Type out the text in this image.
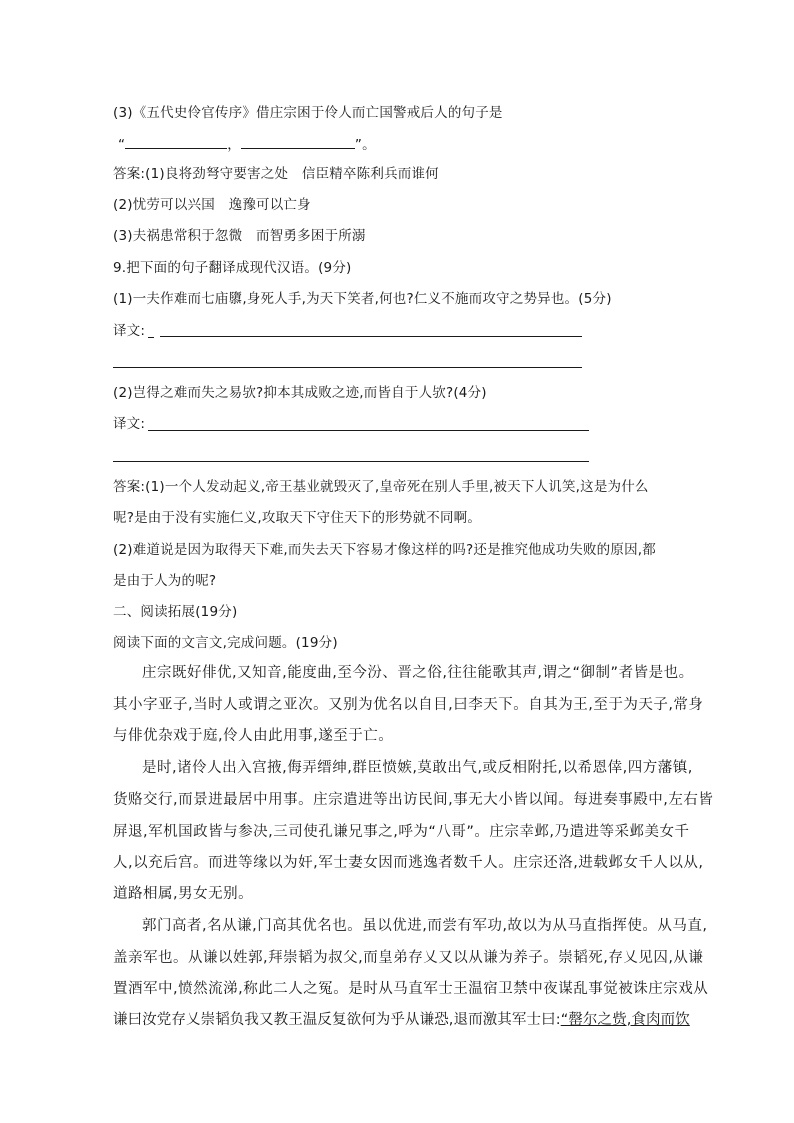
(3)《五代史伶官传序》借庄宗困于伶人而亡国警戒后人的句子是
“	，	”。
答案:(1)良将劲弩守要害之处　信臣精卒陈利兵而谁何
(2)忧劳可以兴国　逸豫可以亡身
(3)夫祸患常积于忽微　而智勇多困于所溺
9.把下面的句子翻译成现代汉语。(9分)
(1)一夫作难而七庙隳,身死人手,为天下笑者,何也?仁义不施而攻守之势异也。(5分)
译文:
(2)岂得之难而失之易欤?抑本其成败之迹,而皆自于人欤?(4分)
译文:
答案:(1)一个人发动起义,帝王基业就毁灭了,皇帝死在别人手里,被天下人讥笑,这是为什么
呢?是由于没有实施仁义,攻取天下守住天下的形势就不同啊。
(2)难道说是因为取得天下难,而失去天下容易才像这样的吗?还是推究他成功失败的原因,都
是由于人为的呢?
二、阅读拓展(19分)
阅读下面的文言文,完成问题。(19分)
庄宗既好俳优,又知音,能度曲,至今汾、晋之俗,往往能歌其声,谓之“御制”者皆是也。
其小字亚子,当时人或谓之亚次。又别为优名以自目,曰李天下。自其为王,至于为天子,常身
与俳优杂戏于庭,伶人由此用事,遂至于亡。
是时,诸伶人出入宫掖,侮弄缙绅,群臣愤嫉,莫敢出气,或反相附托,以希恩倖,四方藩镇,
货赂交行,而景进最居中用事。庄宗遣进等出访民间,事无大小皆以闻。每进奏事殿中,左右皆
屏退,军机国政皆与参决,三司使孔谦兄事之,呼为“八哥”。庄宗幸邺,乃遣进等采邺美女千
人,以充后宫。而进等缘以为奸,军士妻女因而逃逸者数千人。庄宗还洛,进载邺女千人以从,
道路相属,男女无别。
郭门高者,名从谦,门高其优名也。虽以优进,而尝有军功,故以为从马直指挥使。从马直,
盖亲军也。从谦以姓郭,拜崇韬为叔父,而皇弟存乂又以从谦为养子。崇韬死,存乂见囚,从谦
置酒军中,愤然流涕,称此二人之冤。是时从马直军士王温宿卫禁中夜谋乱事觉被诛庄宗戏从
谦曰汝党存乂崇韬负我又教王温反复欲何为乎从谦恐,退而激其军士曰:“罄尔之赀,食肉而饮
